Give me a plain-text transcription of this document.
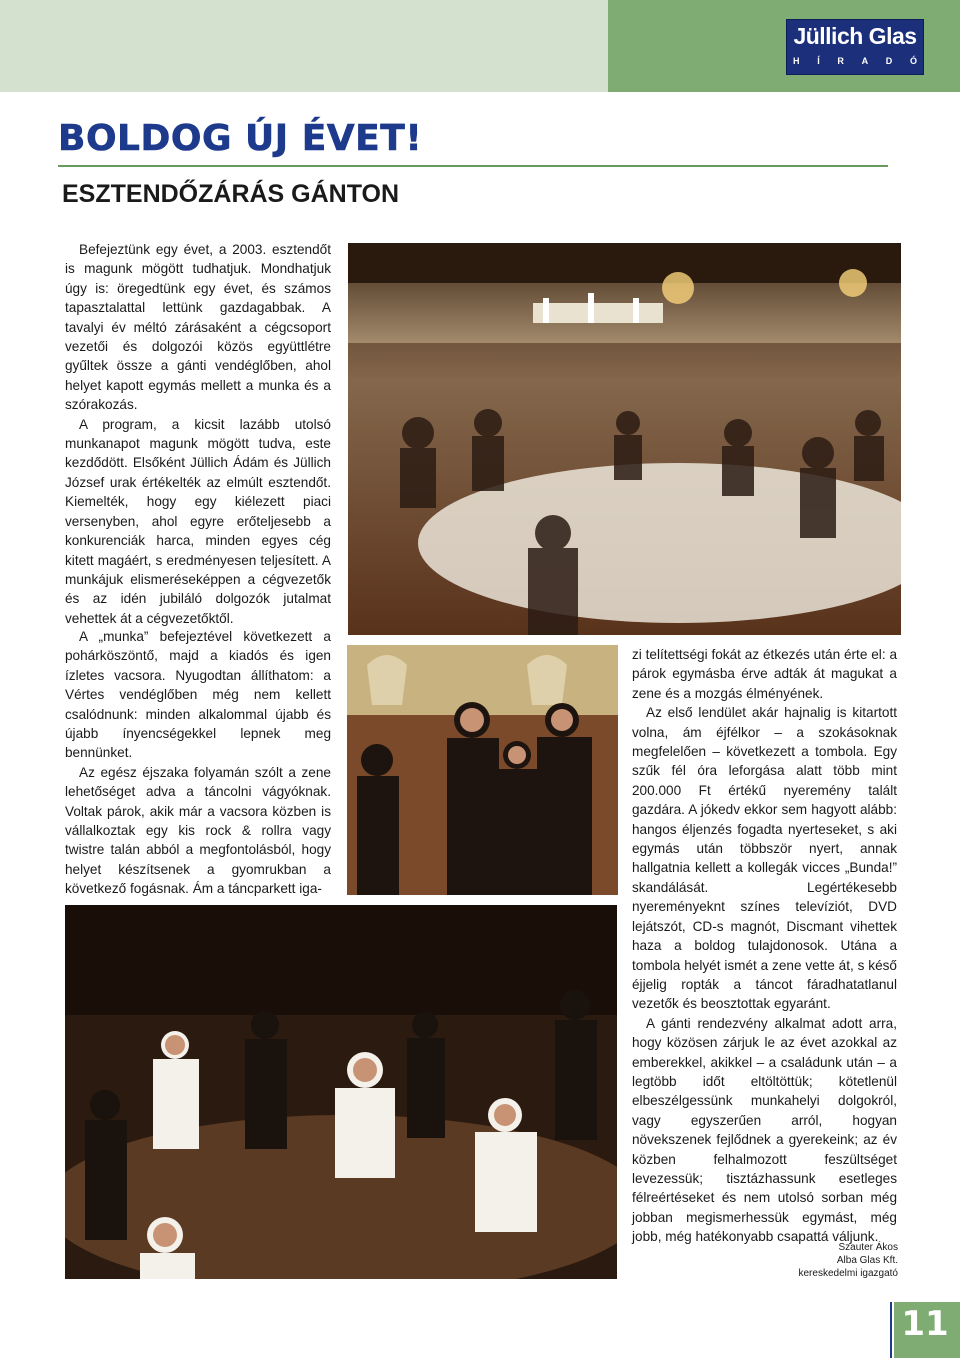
Jüllich Glas
H Í R A D Ó
BOLDOG ÚJ ÉVET!
ESZTENDŐZÁRÁS GÁNTON

Befejeztünk egy évet, a 2003. esztendőt is magunk mögött tudhatjuk. Mondhatjuk úgy is: öregedtünk egy évet, és számos tapasztalattal lettünk gazdagabbak. A tavalyi év méltó zárásaként a cégcsoport vezetői és dolgozói közös együttlétre gyűltek össze a gánti vendéglőben, ahol helyet kapott egymás mellett a munka és a szórakozás.

A program, a kicsit lazább utolsó munkanapot magunk mögött tudva, este kezdődött. Elsőként Jüllich Ádám és Jüllich József urak értékelték az elmúlt esztendőt. Kiemelték, hogy egy kiélezett piaci versenyben, ahol egyre erőteljesebb a konkurenciák harca, minden egyes cég kitett magáért, s eredményesen teljesített. A munkájuk elismeréseképpen a cégvezetők és az idén jubiláló dolgozók jutalmat vehettek át a cégvezetőktől.

A „munka” befejeztével következett a pohárköszöntő, majd a kiadós és igen ízletes vacsora. Nyugodtan állíthatom: a Vértes vendéglőben még nem kellett csalódnunk: minden alkalommal újabb és újabb ínyencségekkel lepnek meg bennünket.

Az egész éjszaka folyamán szólt a zene lehetőséget adva a táncolni vágyóknak. Voltak párok, akik már a vacsora közben is vállalkoztak egy kis rock & rollra vagy twistre talán abból a megfontolásból, hogy helyet készítsenek a gyomrukban a következő fogásnak. Ám a táncparkett iga-

zi telítettségi fokát az étkezés után érte el: a párok egymásba érve adták át magukat a zene és a mozgás élményének.

Az első lendület akár hajnalig is kitartott volna, ám éjfélkor – a szokásoknak megfelelően – következett a tombola. Egy szűk fél óra leforgása alatt több mint 200.000 Ft értékű nyeremény talált gazdára. A jókedv ekkor sem hagyott alább: hangos éljenzés fogadta nyerteseket, s aki egymás után többször nyert, annak hallgatnia kellett a kollegák vicces „Bunda!” skandálását. Legértékesebb nyereményeknt színes televíziót, DVD lejátszót, CD-s magnót, Discmant vihettek haza a boldog tulajdonosok. Utána a tombola helyét ismét a zene vette át, s késő éjjelig ropták a táncot fáradhatatlanul vezetők és beosztottak egyaránt.

A gánti rendezvény alkalmat adott arra, hogy közösen zárjuk le az évet azokkal az emberekkel, akikkel – a családunk után – a legtöbb időt eltöltöttük; kötetlenül elbeszélgessünk munkahelyi dolgokról, vagy egyszerűen arról, hogyan növekszenek fejlődnek a gyerekeink; az év közben felhalmozott feszültséget levezessük; tisztázhassunk esetleges félreértéseket és nem utolsó sorban még jobban megismerhessük egymást, még jobb, még hatékonyabb csapattá váljunk.

Szauter Ákos
Alba Glas Kft.
kereskedelmi igazgató
11
